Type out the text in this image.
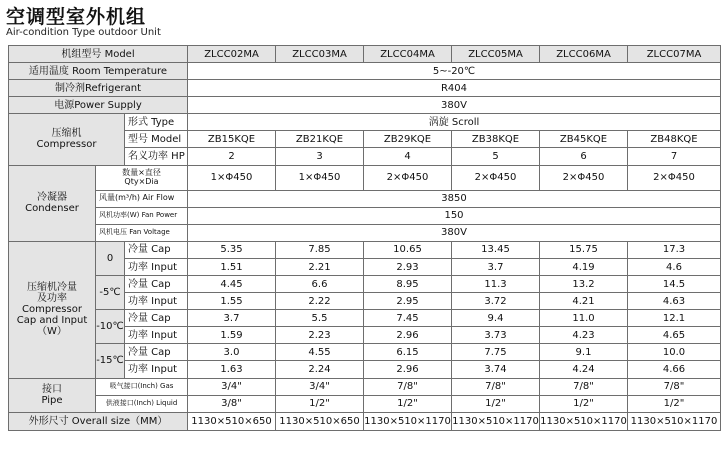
空调型室外机组
Air-condition Type outdoor Unit
机组型号 Model			ZLCC02MA	ZLCC03MA	ZLCC04MA	ZLCC05MA	ZLCC06MA	ZLCC07MA
适用温度 Room Temperature			5~-20℃					
制冷剂Refrigerant			R404					
电源Power Supply			380V					

压缩机
Compressor		形式 Type	涡旋 Scroll					
		型号 Model	ZB15KQE	ZB21KQE	ZB29KQE	ZB38KQE	ZB45KQE	ZB48KQE
		名义功率 HP	2	3	4	5	6	7

冷凝器
Condenser	数量×直径
Qty×Dia		1×Φ450	1×Φ450	2×Φ450	2×Φ450	2×Φ450	2×Φ450
	风量(m³/h) Air Flow		3850					
	风机功率(W) Fan Power		150					
	风机电压 Fan Voltage		380V					

压缩机冷量
及功率
Compressor
Cap and Input
（W）	0	冷量 Cap	5.35	7.85	10.65	13.45	15.75	17.3
		功率 Input	1.51	2.21	2.93	3.7	4.19	4.6
	-5℃	冷量 Cap	4.45	6.6	8.95	11.3	13.2	14.5
		功率 Input	1.55	2.22	2.95	3.72	4.21	4.63
	-10℃	冷量 Cap	3.7	5.5	7.45	9.4	11.0	12.1
		功率 Input	1.59	2.23	2.96	3.73	4.23	4.65
	-15℃	冷量 Cap	3.0	4.55	6.15	7.75	9.1	10.0
		功率 Input	1.63	2.24	2.96	3.74	4.24	4.66

接口
Pipe	吸气接口(Inch) Gas		3/4"	3/4"	7/8"	7/8"	7/8"	7/8"
	供液接口(Inch) Liquid		3/8"	1/2"	1/2"	1/2"	1/2"	1/2"
外形尺寸 Overall size（MM）			1130×510×650	1130×510×650	1130×510×1170	1130×510×1170	1130×510×1170	1130×510×1170
